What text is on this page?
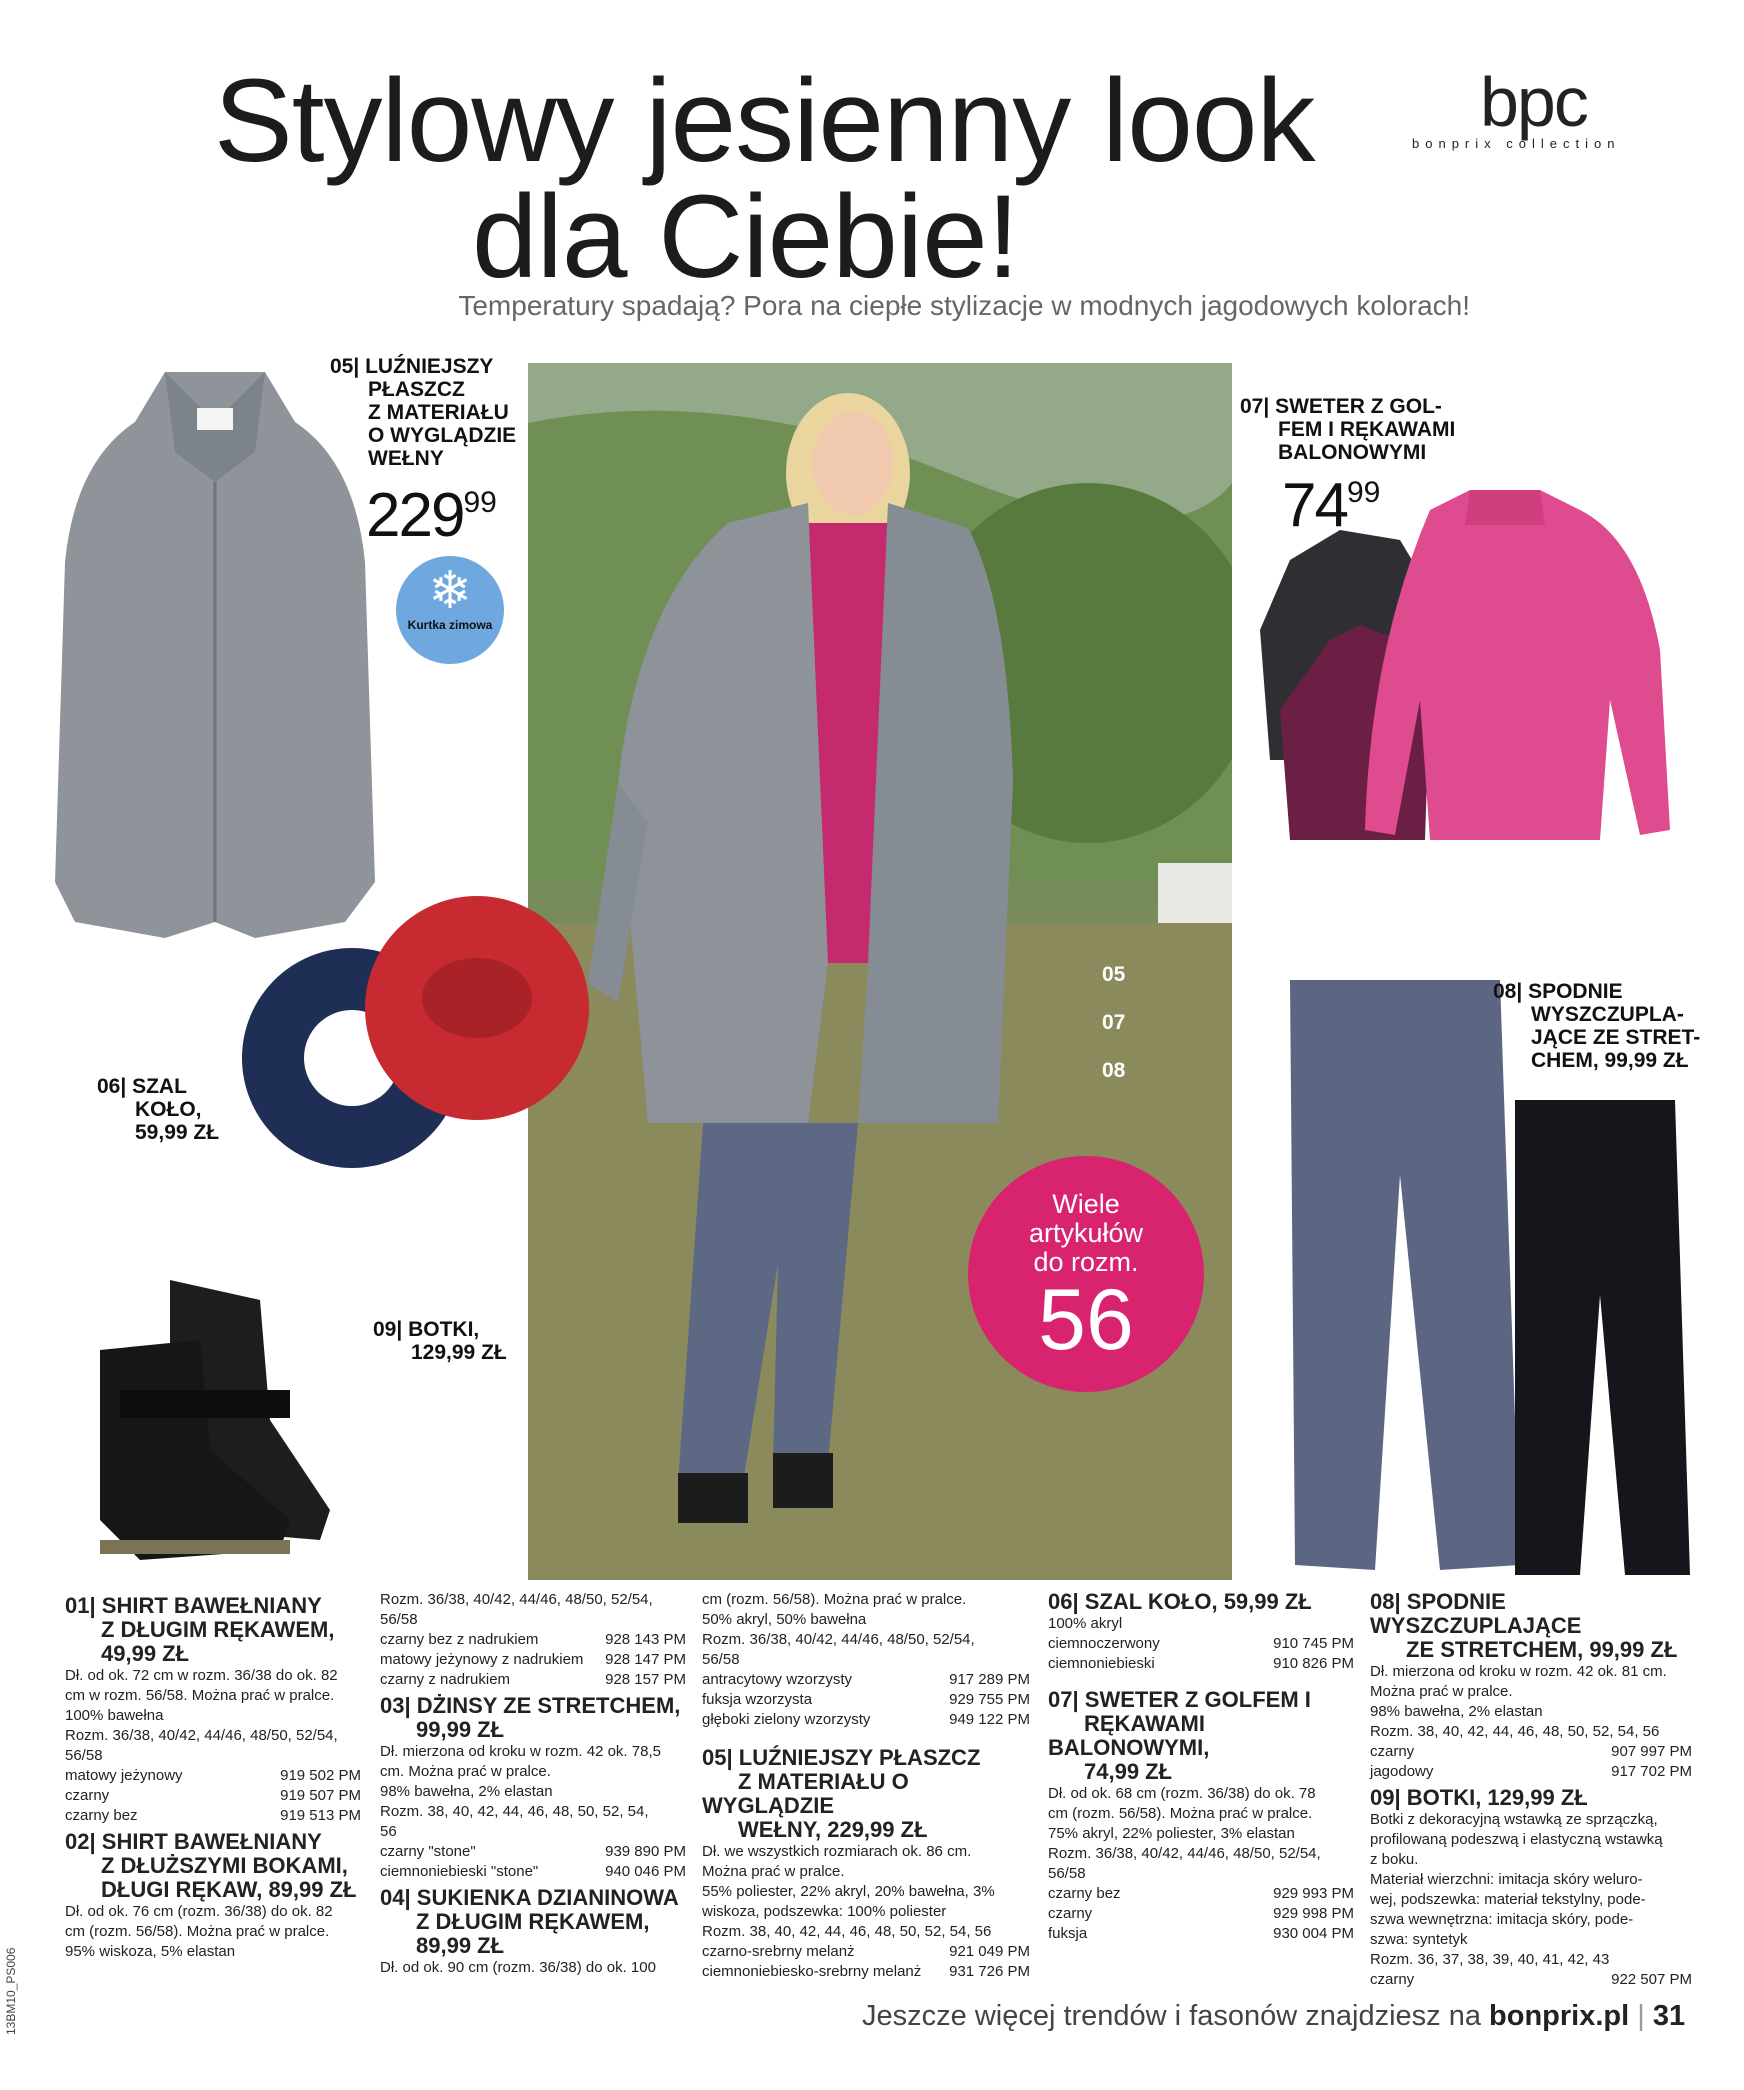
Stylowy jesienny look
dla Ciebie!
Temperatury spadają? Pora na ciepłe stylizacje w modnych jagodowych kolorach!
bpc
bonprix collection
05
07
08
Wiele
artykułów
do rozm.
56
05| LUŹNIEJSZY
PŁASZCZ
Z MATERIAŁU
O WYGLĄDZIE
WEŁNY
$229^{99}$
❄
Kurtka zimowa
07| SWETER Z GOL-
FEM I RĘKAWAMI
BALONOWYMI
$74^{99}$
06| SZAL
KOŁO,
59,99 ZŁ
09| BOTKI,
129,99 ZŁ
08| SPODNIE
WYSZCZUPLA-
JĄCE ZE STRET-
CHEM, 99,99 ZŁ
01| SHIRT BAWEŁNIANY
Z DŁUGIM RĘKAWEM,
49,99 ZŁ
Dł. od ok. 72 cm w rozm. 36/38 do ok. 82
cm w rozm. 56/58. Można prać w pralce.
100% bawełna
Rozm. 36/38, 40/42, 44/46, 48/50, 52/54,
56/58
matowy jeżynowy	919 502 PM
czarny	919 507 PM
czarny bez	919 513 PM
02| SHIRT BAWEŁNIANY
Z DŁUŻSZYMI BOKAMI,
DŁUGI RĘKAW, 89,99 ZŁ
Dł. od ok. 76 cm (rozm. 36/38) do ok. 82
cm (rozm. 56/58). Można prać w pralce.
95% wiskoza, 5% elastan
Rozm. 36/38, 40/42, 44/46, 48/50, 52/54,
56/58
czarny bez z nadrukiem	928 143 PM
matowy jeżynowy z nadrukiem 928 147 PM
czarny z nadrukiem	928 157 PM
03| DŻINSY ZE STRETCHEM,
99,99 ZŁ
Dł. mierzona od kroku w rozm. 42 ok. 78,5
cm. Można prać w pralce.
98% bawełna, 2% elastan
Rozm. 38, 40, 42, 44, 46, 48, 50, 52, 54,
56
czarny "stone"	939 890 PM
ciemnoniebieski "stone"	940 046 PM
04| SUKIENKA DZIANINOWA
Z DŁUGIM RĘKAWEM,
89,99 ZŁ
Dł. od ok. 90 cm (rozm. 36/38) do ok. 100
cm (rozm. 56/58). Można prać w pralce.
50% akryl, 50% bawełna
Rozm. 36/38, 40/42, 44/46, 48/50, 52/54,
56/58
antracytowy wzorzysty	917 289 PM
fuksja wzorzysta	929 755 PM
głęboki zielony wzorzysty	949 122 PM
05| LUŹNIEJSZY PŁASZCZ
Z MATERIAŁU O WYGLĄDZIE
WEŁNY, 229,99 ZŁ
Dł. we wszystkich rozmiarach ok. 86 cm.
Można prać w pralce.
55% poliester, 22% akryl, 20% bawełna, 3%
wiskoza, podszewka: 100% poliester
Rozm. 38, 40, 42, 44, 46, 48, 50, 52, 54, 56
czarno-srebrny melanż	921 049 PM
ciemnoniebiesko-srebrny melanż 931 726 PM
06| SZAL KOŁO, 59,99 ZŁ
100% akryl
ciemnoczerwony	910 745 PM
ciemnoniebieski	910 826 PM
07| SWETER Z GOLFEM I
RĘKAWAMI BALONOWYMI,
74,99 ZŁ
Dł. od ok. 68 cm (rozm. 36/38) do ok. 78
cm (rozm. 56/58). Można prać w pralce.
75% akryl, 22% poliester, 3% elastan
Rozm. 36/38, 40/42, 44/46, 48/50, 52/54,
56/58
czarny bez	929 993 PM
czarny	929 998 PM
fuksja	930 004 PM
08| SPODNIE WYSZCZUPLAJĄCE
ZE STRETCHEM, 99,99 ZŁ
Dł. mierzona od kroku w rozm. 42 ok. 81 cm.
Można prać w pralce.
98% bawełna, 2% elastan
Rozm. 38, 40, 42, 44, 46, 48, 50, 52, 54, 56
czarny	907 997 PM
jagodowy	917 702 PM
09| BOTKI, 129,99 ZŁ
Botki z dekoracyjną wstawką ze sprzączką,
profilowaną podeszwą i elastyczną wstawką
z boku.
Materiał wierzchni: imitacja skóry weluro-
wej, podszewka: materiał tekstylny, pode-
szwa wewnętrzna: imitacja skóry, pode-
szwa: syntetyk
Rozm. 36, 37, 38, 39, 40, 41, 42, 43
czarny	922 507 PM
Jeszcze więcej trendów i fasonów znajdziesz na bonprix.pl | 31
13BM10_PS006
